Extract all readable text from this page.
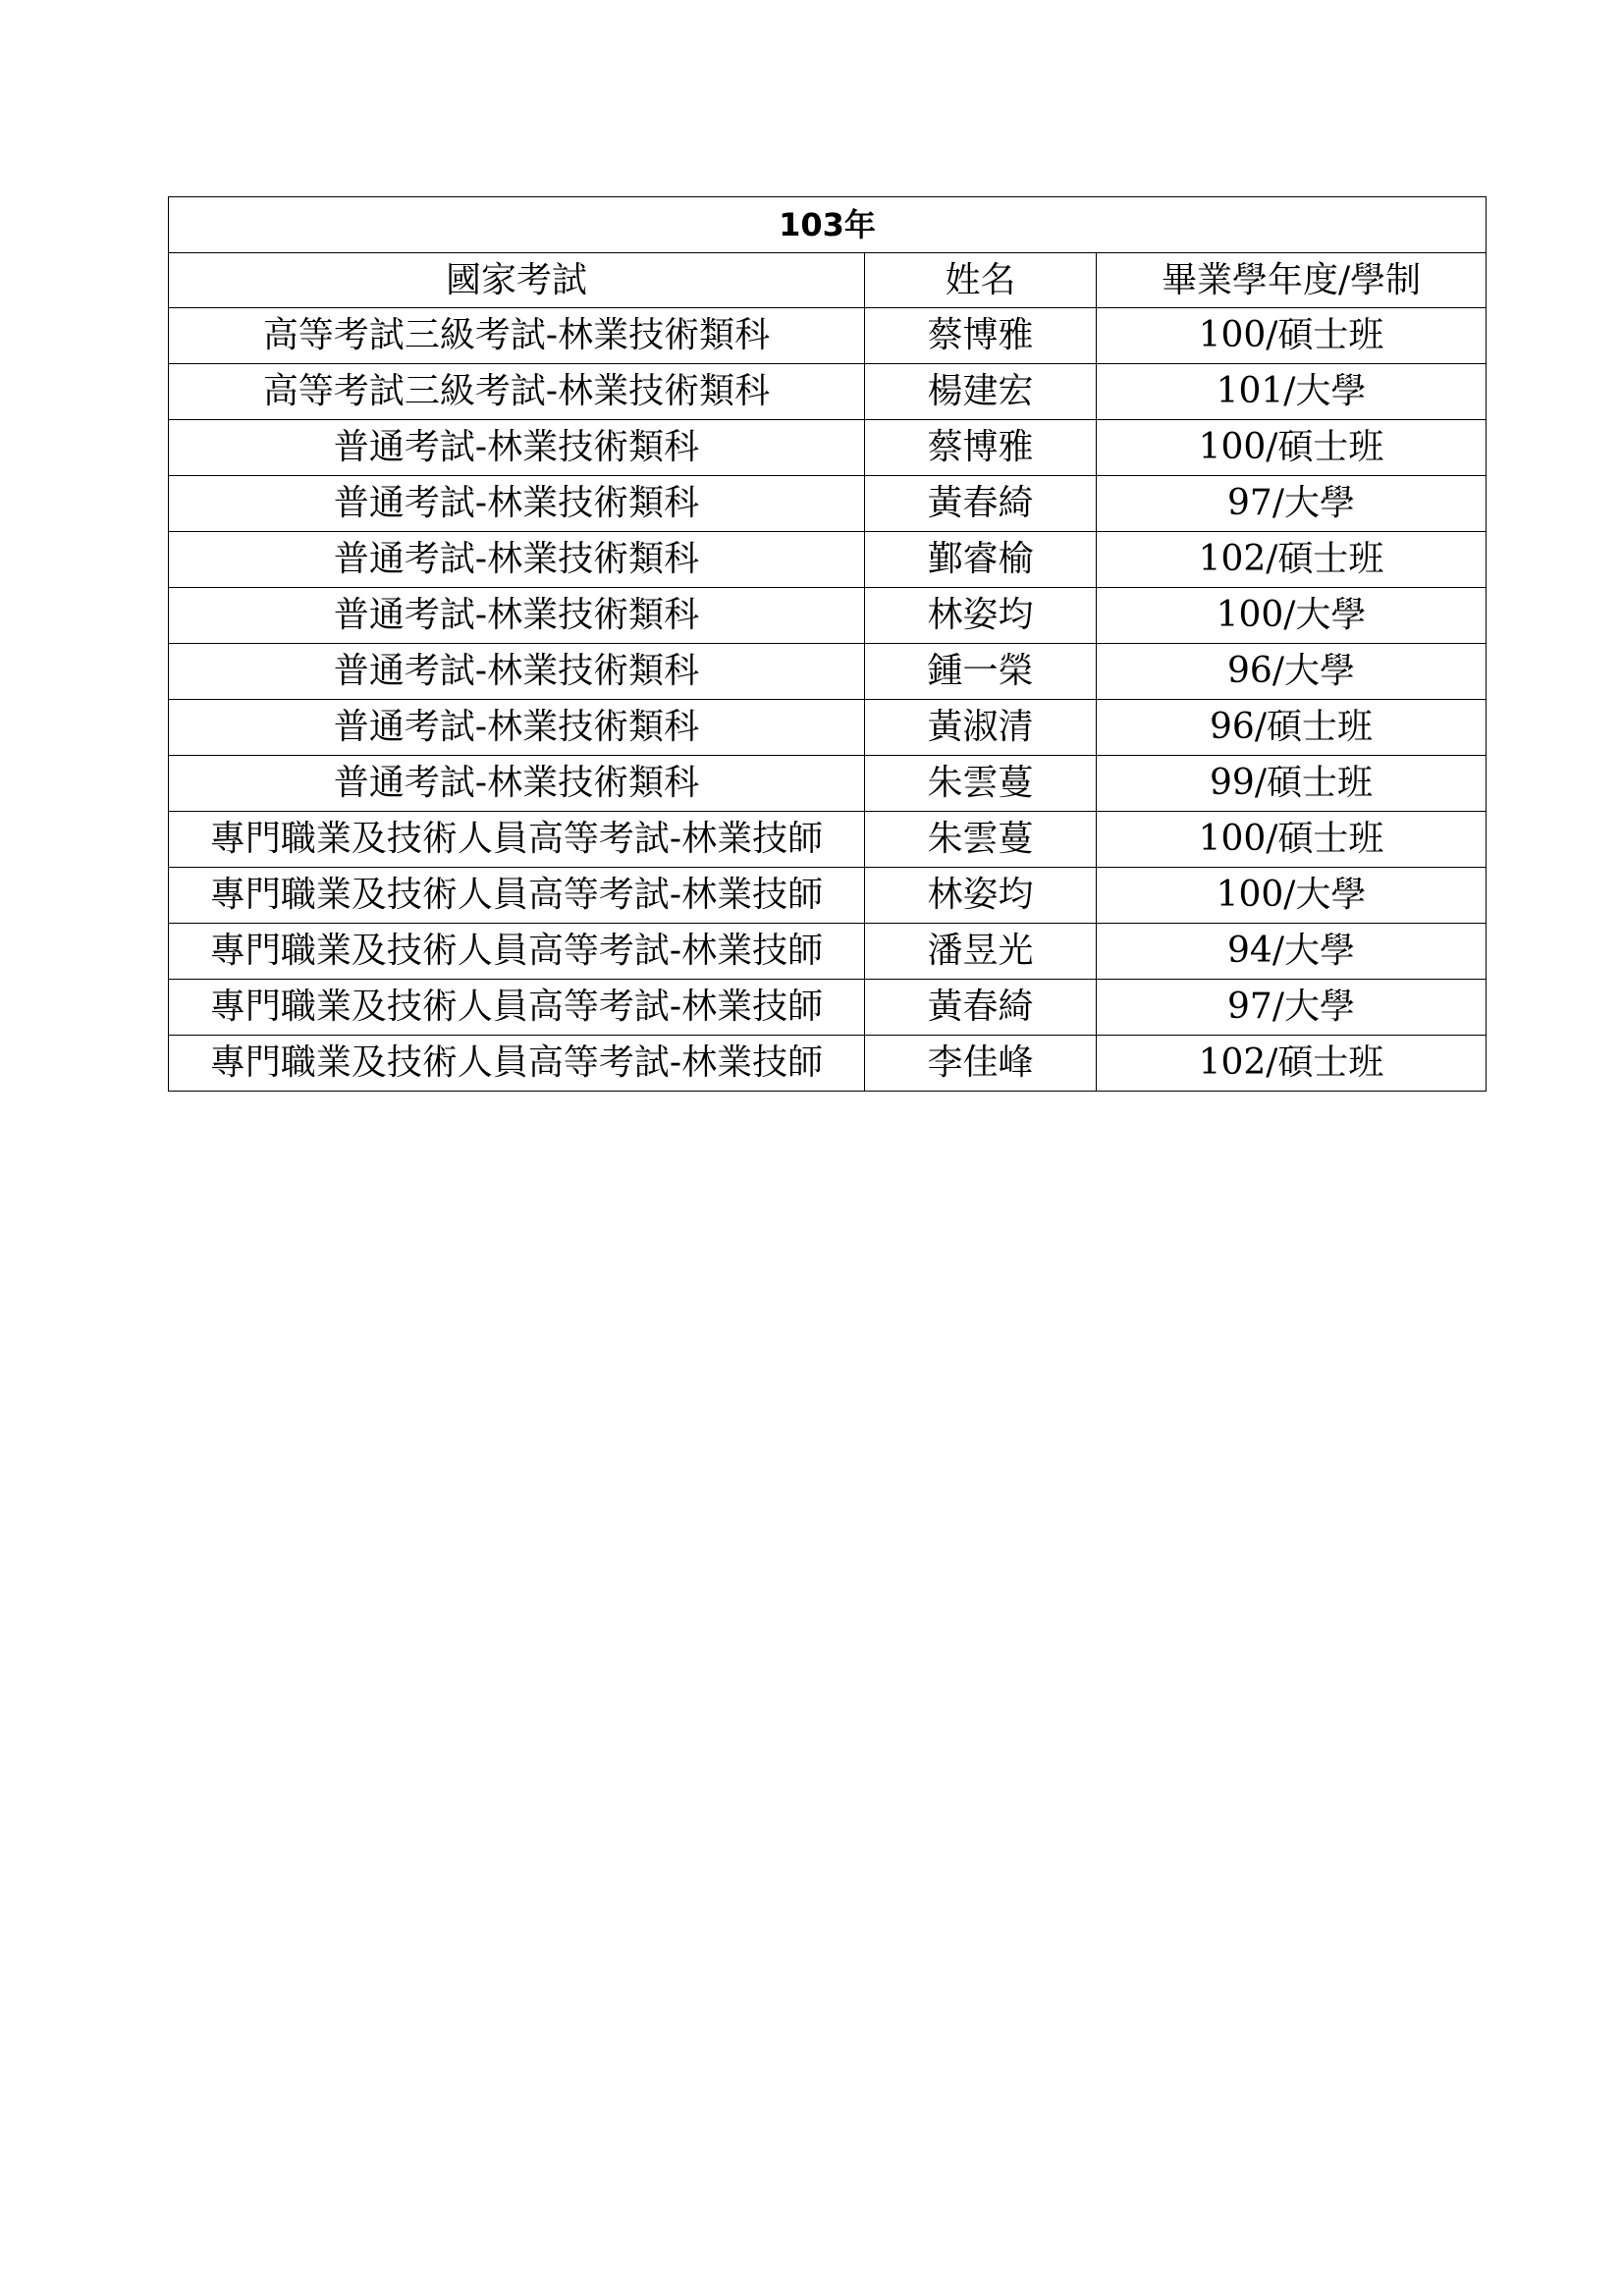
103年		
國家考試	姓名	畢業學年度/學制
高等考試三級考試-林業技術類科	蔡博雅	100/碩士班
高等考試三級考試-林業技術類科	楊建宏	101/大學
普通考試-林業技術類科	蔡博雅	100/碩士班
普通考試-林業技術類科	黃春綺	97/大學
普通考試-林業技術類科	鄞睿榆	102/碩士班
普通考試-林業技術類科	林姿均	100/大學
普通考試-林業技術類科	鍾一榮	96/大學
普通考試-林業技術類科	黃淑清	96/碩士班
普通考試-林業技術類科	朱雲蔓	99/碩士班
專門職業及技術人員高等考試-林業技師	朱雲蔓	100/碩士班
專門職業及技術人員高等考試-林業技師	林姿均	100/大學
專門職業及技術人員高等考試-林業技師	潘昱光	94/大學
專門職業及技術人員高等考試-林業技師	黃春綺	97/大學
專門職業及技術人員高等考試-林業技師	李佳峰	102/碩士班
